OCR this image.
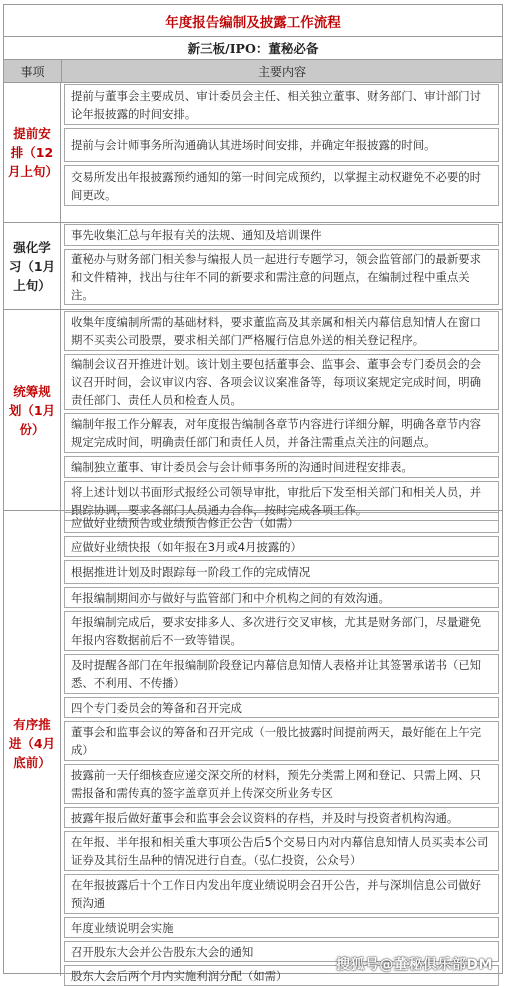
年度报告编制及披露工作流程
新三板/IPO：董秘必备
事项	主要内容
提前安排（12月上旬）
提前与董事会主要成员、审计委员会主任、相关独立董事、财务部门、审计部门讨论年报披露的时间安排。
提前与会计师事务所沟通确认其进场时间安排，并确定年报披露的时间。
交易所发出年报披露预约通知的第一时间完成预约，以掌握主动权避免不必要的时间更改。
强化学习（1月上旬）
事先收集汇总与年报有关的法规、通知及培训课件
董秘办与财务部门相关参与编报人员一起进行专题学习，领会监管部门的最新要求和文件精神，找出与往年不同的新要求和需注意的问题点，在编制过程中重点关注。
统筹规划（1月份）
收集年度编制所需的基础材料，要求董监高及其亲属和相关内幕信息知情人在窗口期不买卖公司股票，要求相关部门严格履行信息外送的相关登记程序。
编制会议召开推进计划。该计划主要包括董事会、监事会、董事会专门委员会的会议召开时间，会议审议内容、各项会议议案准备等，每项议案规定完成时间，明确责任部门、责任人员和检查人员。
编制年报工作分解表，对年度报告编制各章节内容进行详细分解，明确各章节内容规定完成时间，明确责任部门和责任人员，并备注需重点关注的问题点。
编制独立董事、审计委员会与会计师事务所的沟通时间进程安排表。
将上述计划以书面形式报经公司领导审批，审批后下发至相关部门和相关人员，并跟踪协调，要求各部门人员通力合作，按时完成各项工作。
有序推进（4月底前）
应做好业绩预告或业绩预告修正公告（如需）
应做好业绩快报（如年报在3月或4月披露的）
根据推进计划及时跟踪每一阶段工作的完成情况
年报编制期间亦与做好与监管部门和中介机构之间的有效沟通。
年报编制完成后，要求安排多人、多次进行交叉审核，尤其是财务部门，尽量避免年报内容数据前后不一致等错误。
及时提醒各部门在年报编制阶段登记内幕信息知情人表格并让其签署承诺书（已知悉、不利用、不传播）
四个专门委员会的筹备和召开完成
董事会和监事会议的筹备和召开完成（一般比披露时间提前两天，最好能在上午完成）
披露前一天仔细核查应递交深交所的材料，预先分类需上网和登记、只需上网、只需报备和需传真的签字盖章页并上传深交所业务专区
披露年报后做好董事会和监事会会议资料的存档，并及时与投资者机构沟通。
在年报、半年报和相关重大事项公告后5个交易日内对内幕信息知情人员买卖本公司证券及其衍生品种的情况进行自查。（弘仁投资，公众号）
在年报披露后十个工作日内发出年度业绩说明会召开公告，并与深圳信息公司做好预沟通
年度业绩说明会实施
召开股东大会并公告股东大会的通知
股东大会后两个月内实施利润分配（如需）
搜狐号@董秘俱乐部DM
